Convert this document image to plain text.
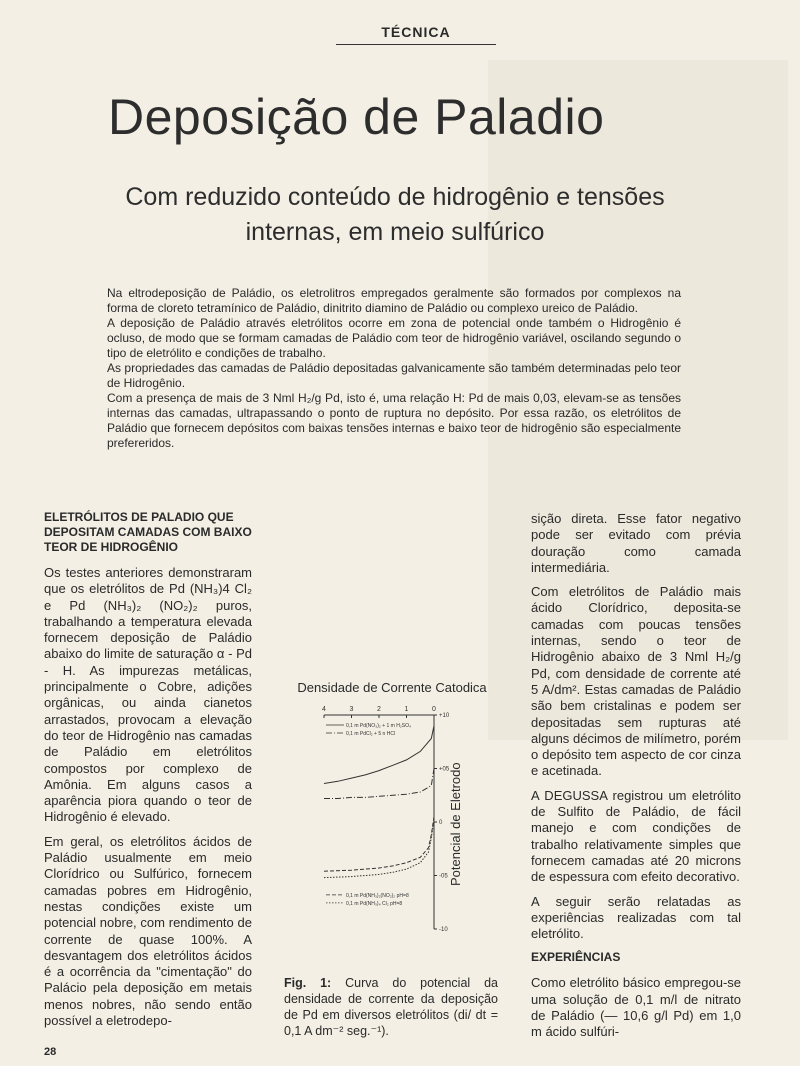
TÉCNICA
Deposição de Paladio
Com reduzido conteúdo de hidrogênio e tensões internas, em meio sulfúrico

Na eltrodeposição de Paládio, os eletrolitros empregados geralmente são formados por complexos na forma de cloreto tetramínico de Paládio, dinitrito diamino de Paládio ou complexo ureico de Paládio.

A deposição de Paládio através eletrólitos ocorre em zona de potencial onde também o Hidrogênio é ocluso, de modo que se formam camadas de Paládio com teor de hidrogênio variável, oscilando segundo o tipo de eletrólito e condições de trabalho.

As propriedades das camadas de Paládio depositadas galvanicamente são também determinadas pelo teor de Hidrogênio.

Com a presença de mais de 3 Nml H₂/g Pd, isto é, uma relação H: Pd de mais 0,03, elevam-se as tensões internas das camadas, ultrapassando o ponto de ruptura no depósito. Por essa razão, os eletrólitos de Paládio que fornecem depósitos com baixas tensões internas e baixo teor de hidrogênio são especialmente prefereridos.

ELETRÓLITOS DE PALADIO QUE DEPOSITAM CAMADAS COM BAIXO TEOR DE HIDROGÊNIO

Os testes anteriores demonstraram que os eletrólitos de Pd (NH₃)4 Cl₂ e Pd (NH₃)₂ (NO₂)₂ puros, trabalhando a temperatura elevada fornecem deposição de Paládio abaixo do limite de saturação α - Pd - H. As impurezas metálicas, principalmente o Cobre, adições orgânicas, ou ainda cianetos arrastados, provocam a elevação do teor de Hidrogênio nas camadas de Paládio em eletrólitos compostos por complexo de Amônia. Em alguns casos a aparência piora quando o teor de Hidrogênio é elevado.

Em geral, os eletrólitos ácidos de Paládio usualmente em meio Clorídrico ou Sulfúrico, fornecem camadas pobres em Hidrogênio, nestas condições existe um potencial nobre, com rendimento de corrente de quase 100%. A desvantagem dos eletrólitos ácidos é a ocorrência da "cimentação" do Palácio pela deposição em metais menos nobres, não sendo então possível a eletrodepo-

Densidade de Corrente Catodica
4	3	2	1	0
+10
+05
0
-05
-10
0,1 m Pd(NO₃)₂ + 1 m H₂SO₄
0,1 m PdCl₂ + 5 n HCl
0,1 m Pd(NH₃)₂(NO₂)₂ pH=8
0,1 m Pd(NH₃)₄ Cl₂ pH=8
Potencial de Eletrodo

Fig. 1: Curva do potencial da densidade de corrente da deposição de Pd em diversos eletrólitos (di/ dt = 0,1 A dm⁻² seg.⁻¹).

sição direta. Esse fator negativo pode ser evitado com prévia douração como camada intermediária.

Com eletrólitos de Paládio mais ácido Clorídrico, deposita-se camadas com poucas tensões internas, sendo o teor de Hidrogênio abaixo de 3 Nml H₂/g Pd, com densidade de corrente até 5 A/dm². Estas camadas de Paládio são bem cristalinas e podem ser depositadas sem rupturas até alguns décimos de milímetro, porém o depósito tem aspecto de cor cinza e acetinada.

A DEGUSSA registrou um eletrólito de Sulfito de Paládio, de fácil manejo e com condições de trabalho relativamente simples que fornecem camadas até 20 microns de espessura com efeito decorativo.

A seguir serão relatadas as experiências realizadas com tal eletrólito.

EXPERIÊNCIAS

Como eletrólito básico empregou-se uma solução de 0,1 m/l de nitrato de Paládio (— 10,6 g/l Pd) em 1,0 m ácido sulfúri-

28
